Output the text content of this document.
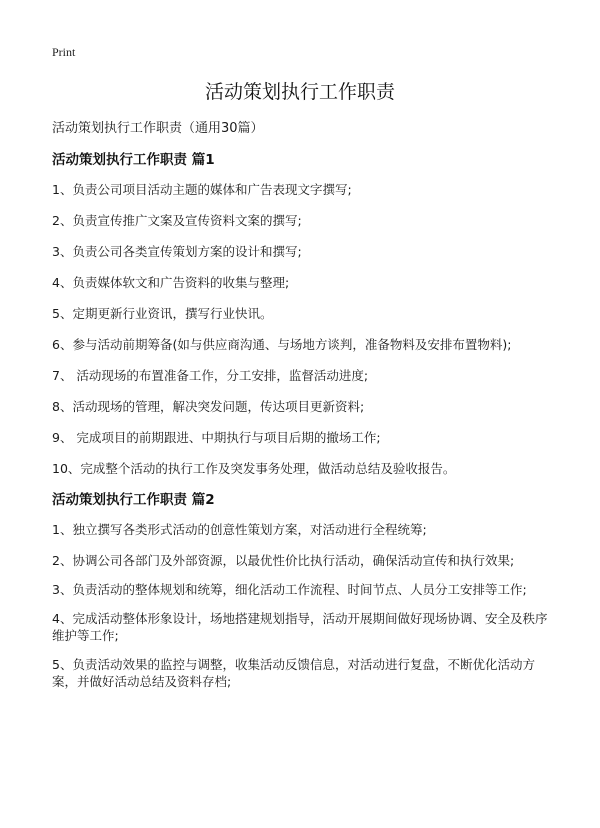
Print
活动策划执行工作职责

活动策划执行工作职责（通用30篇）

活动策划执行工作职责 篇1

1、负责公司项目活动主题的媒体和广告表现文字撰写;

2、负责宣传推广文案及宣传资料文案的撰写;

3、负责公司各类宣传策划方案的设计和撰写;

4、负责媒体软文和广告资料的收集与整理;

5、定期更新行业资讯，撰写行业快讯。

6、参与活动前期筹备(如与供应商沟通、与场地方谈判，准备物料及安排布置物料);

7、 活动现场的布置准备工作，分工安排，监督活动进度;

8、活动现场的管理，解决突发问题，传达项目更新资料;

9、 完成项目的前期跟进、中期执行与项目后期的撤场工作;

10、完成整个活动的执行工作及突发事务处理，做活动总结及验收报告。

活动策划执行工作职责 篇2

1、独立撰写各类形式活动的创意性策划方案，对活动进行全程统筹;

2、协调公司各部门及外部资源，以最优性价比执行活动，确保活动宣传和执行效果;

3、负责活动的整体规划和统筹，细化活动工作流程、时间节点、人员分工安排等工作;

4、完成活动整体形象设计，场地搭建规划指导，活动开展期间做好现场协调、安全及秩序维护等工作;

5、负责活动效果的监控与调整，收集活动反馈信息，对活动进行复盘，不断优化活动方案，并做好活动总结及资料存档;
